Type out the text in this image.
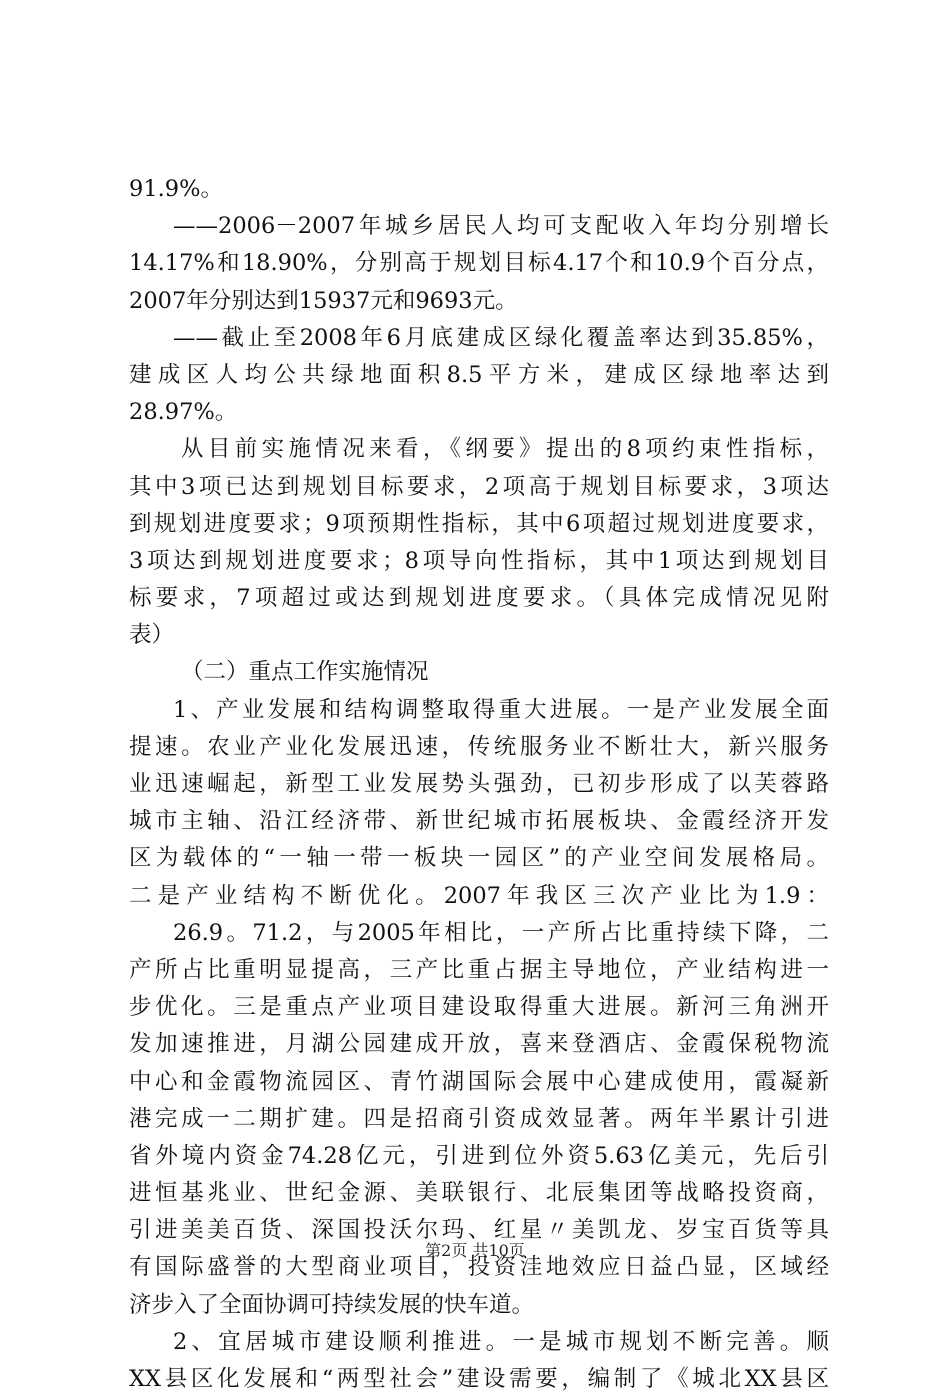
91.9%。
——2006－2007年城乡居民人均可支配收入年均分别增长
14.17%和18.90%，分别高于规划目标4.17个和10.9个百分点，
2007年分别达到15937元和9693元。
——截止至2008年6月底建成区绿化覆盖率达到35.85%，
建成区人均公共绿地面积8.5平方米，建成区绿地率达到
28.97%。
从目前实施情况来看，《纲要》提出的8项约束性指标，
其中3项已达到规划目标要求，2项高于规划目标要求，3项达
到规划进度要求；9项预期性指标，其中6项超过规划进度要求，
3项达到规划进度要求；8项导向性指标，其中1项达到规划目
标要求，7项超过或达到规划进度要求。（具体完成情况见附
表）
（二）重点工作实施情况
1、产业发展和结构调整取得重大进展。一是产业发展全面
提速。农业产业化发展迅速，传统服务业不断壮大，新兴服务
业迅速崛起，新型工业发展势头强劲，已初步形成了以芙蓉路
城市主轴、沿江经济带、新世纪城市拓展板块、金霞经济开发
区为载体的“一轴一带一板块一园区”的产业空间发展格局。
二是产业结构不断优化。2007年我区三次产业比为1.9：
26.9。71.2，与2005年相比，一产所占比重持续下降，二
产所占比重明显提高，三产比重占据主导地位，产业结构进一
步优化。三是重点产业项目建设取得重大进展。新河三角洲开
发加速推进，月湖公园建成开放，喜来登酒店、金霞保税物流
中心和金霞物流园区、青竹湖国际会展中心建成使用，霞凝新
港完成一二期扩建。四是招商引资成效显著。两年半累计引进
省外境内资金74.28亿元，引进到位外资5.63亿美元，先后引
进恒基兆业、世纪金源、美联银行、北辰集团等战略投资商，
引进美美百货、深国投沃尔玛、红星〃美凯龙、岁宝百货等具
有国际盛誉的大型商业项目，投资洼地效应日益凸显，区域经
济步入了全面协调可持续发展的快车道。
2、宜居城市建设顺利推进。一是城市规划不断完善。顺
XX县区化发展和“两型社会”建设需要，编制了《城北XX县区
第2页 共10页
